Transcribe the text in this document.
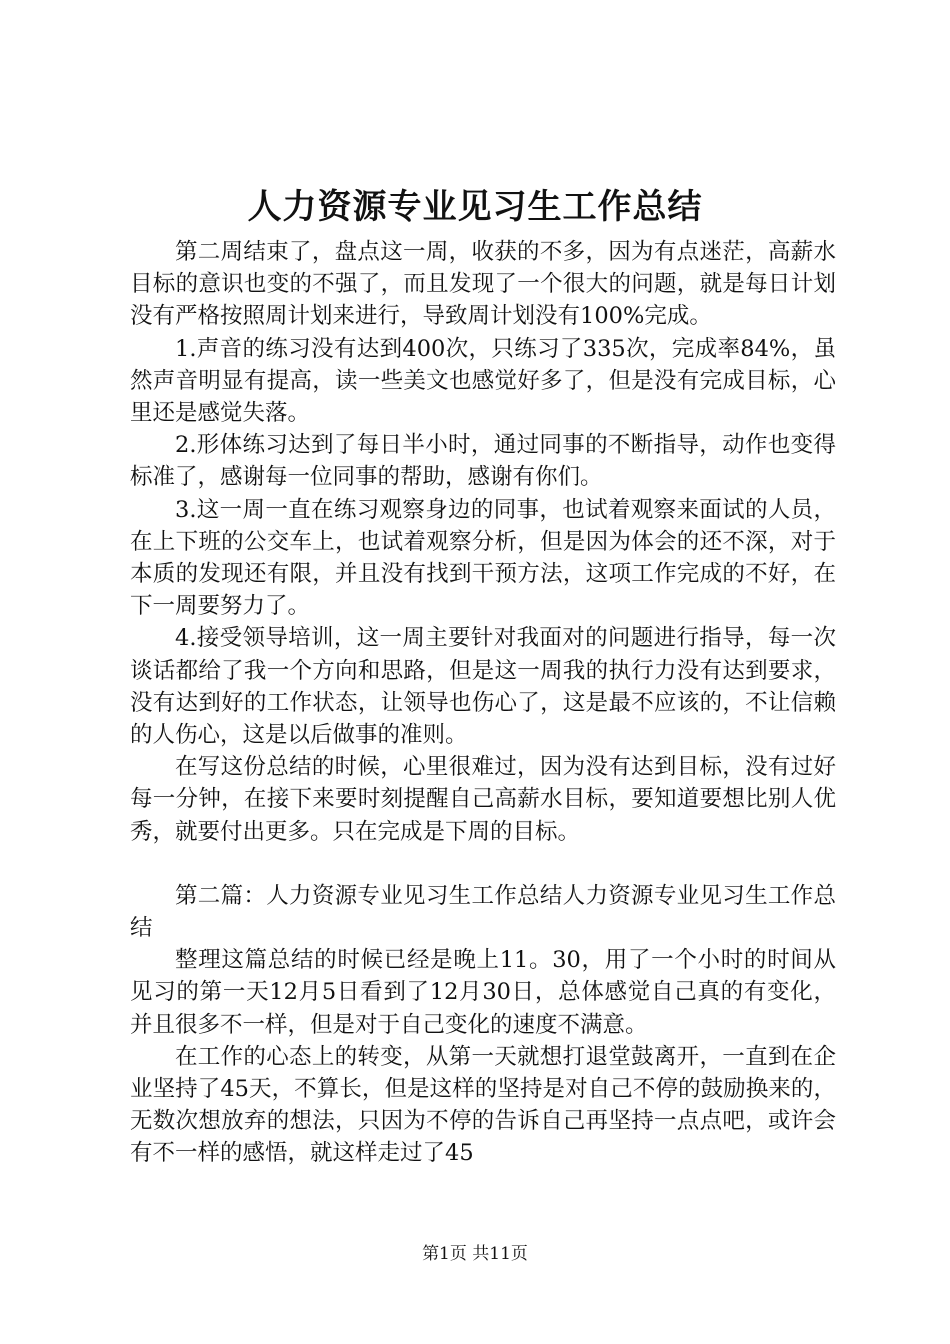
人力资源专业见习生工作总结

第二周结束了，盘点这一周，收获的不多，因为有点迷茫，高薪水目标的意识也变的不强了，而且发现了一个很大的问题，就是每日计划没有严格按照周计划来进行，导致周计划没有100%完成。

1.声音的练习没有达到400次，只练习了335次，完成率84%，虽然声音明显有提高，读一些美文也感觉好多了，但是没有完成目标，心里还是感觉失落。

2.形体练习达到了每日半小时，通过同事的不断指导，动作也变得标准了，感谢每一位同事的帮助，感谢有你们。

3.这一周一直在练习观察身边的同事，也试着观察来面试的人员，在上下班的公交车上，也试着观察分析，但是因为体会的还不深，对于本质的发现还有限，并且没有找到干预方法，这项工作完成的不好，在下一周要努力了。

4.接受领导培训，这一周主要针对我面对的问题进行指导，每一次谈话都给了我一个方向和思路，但是这一周我的执行力没有达到要求，没有达到好的工作状态，让领导也伤心了，这是最不应该的，不让信赖的人伤心，这是以后做事的准则。

在写这份总结的时候，心里很难过，因为没有达到目标，没有过好每一分钟，在接下来要时刻提醒自己高薪水目标，要知道要想比别人优秀，就要付出更多。只在完成是下周的目标。

第二篇：人力资源专业见习生工作总结人力资源专业见习生工作总结

整理这篇总结的时候已经是晚上11。30，用了一个小时的时间从见习的第一天12月5日看到了12月30日，总体感觉自己真的有变化，并且很多不一样，但是对于自己变化的速度不满意。

在工作的心态上的转变，从第一天就想打退堂鼓离开，一直到在企业坚持了45天，不算长，但是这样的坚持是对自己不停的鼓励换来的，无数次想放弃的想法，只因为不停的告诉自己再坚持一点点吧，或许会有不一样的感悟，就这样走过了45

第1页 共11页
